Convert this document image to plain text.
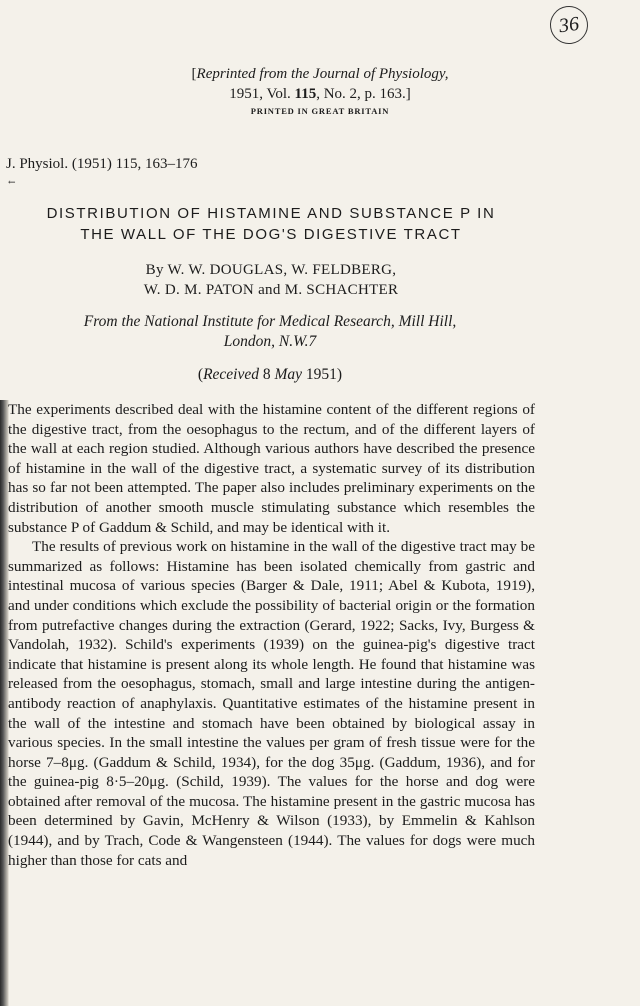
36
[Reprinted from the Journal of Physiology,
1951, Vol. 115, No. 2, p. 163.]
PRINTED IN GREAT BRITAIN
J. Physiol. (1951) 115, 163–176
←
DISTRIBUTION OF HISTAMINE AND SUBSTANCE P IN
THE WALL OF THE DOG'S DIGESTIVE TRACT
By W. W. DOUGLAS, W. FELDBERG,
W. D. M. PATON and M. SCHACHTER
From the National Institute for Medical Research, Mill Hill,
London, N.W.7
(Received 8 May 1951)

The experiments described deal with the histamine content of the different regions of the digestive tract, from the oesophagus to the rectum, and of the different layers of the wall at each region studied. Although various authors have described the presence of histamine in the wall of the digestive tract, a systematic survey of its distribution has so far not been attempted. The paper also includes preliminary experiments on the distribution of another smooth muscle stimulating substance which resembles the substance P of Gaddum & Schild, and may be identical with it.

The results of previous work on histamine in the wall of the digestive tract may be summarized as follows: Histamine has been isolated chemically from gastric and intestinal mucosa of various species (Barger & Dale, 1911; Abel & Kubota, 1919), and under conditions which exclude the possibility of bacterial origin or the formation from putrefactive changes during the extraction (Gerard, 1922; Sacks, Ivy, Burgess & Vandolah, 1932). Schild's experiments (1939) on the guinea-pig's digestive tract indicate that histamine is present along its whole length. He found that histamine was released from the oesophagus, stomach, small and large intestine during the antigen-antibody reaction of anaphylaxis. Quantitative estimates of the histamine present in the wall of the intestine and stomach have been obtained by biological assay in various species. In the small intestine the values per gram of fresh tissue were for the horse 7–8μg. (Gaddum & Schild, 1934), for the dog 35μg. (Gaddum, 1936), and for the guinea-pig 8·5–20μg. (Schild, 1939). The values for the horse and dog were obtained after removal of the mucosa. The histamine present in the gastric mucosa has been determined by Gavin, McHenry & Wilson (1933), by Emmelin & Kahlson (1944), and by Trach, Code & Wangensteen (1944). The values for dogs were much higher than those for cats and
